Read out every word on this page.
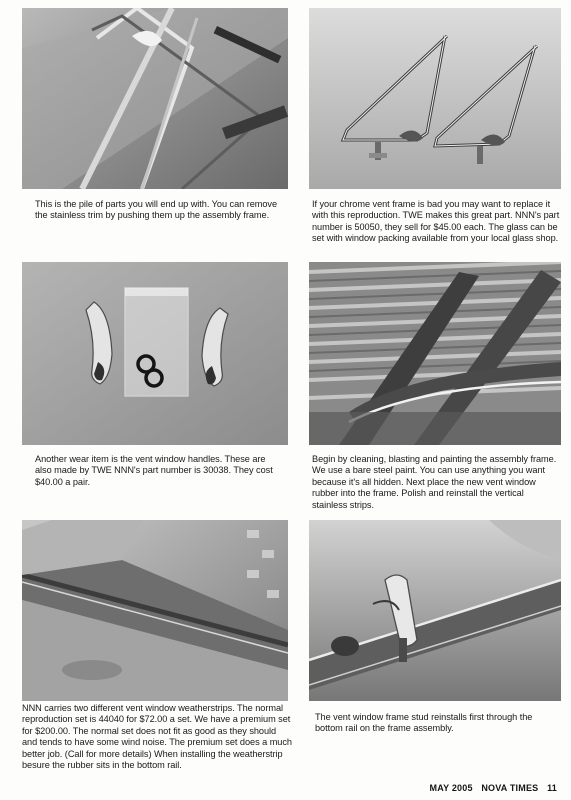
This is the pile of parts you will end up with. You can remove the stainless trim by pushing them up the assembly frame.

If your chrome vent frame is bad you may want to replace it with this reproduction. TWE makes this great part. NNN's part number is 50050, they sell for $45.00 each. The glass can be set with window packing available from your local glass shop.

Another wear item is the vent window handles. These are also made by TWE NNN's part number is 30038. They cost $40.00 a pair.

Begin by cleaning, blasting and painting the assembly frame. We use a bare steel paint. You can use anything you want because it's all hidden. Next place the new vent window rubber into the frame. Polish and reinstall the vertical stainless strips.

NNN carries two different vent window weatherstrips. The normal reproduction set is 44040 for $72.00 a set. We have a premium set for $200.00. The normal set does not fit as good as they should and tends to have some wind noise. The premium set does a much better job. (Call for more details) When installing the weatherstrip besure the rubber sits in the bottom rail.

The vent window frame stud reinstalls first through the bottom rail on the frame assembly.

MAY 2005 NOVA TIMES 11
